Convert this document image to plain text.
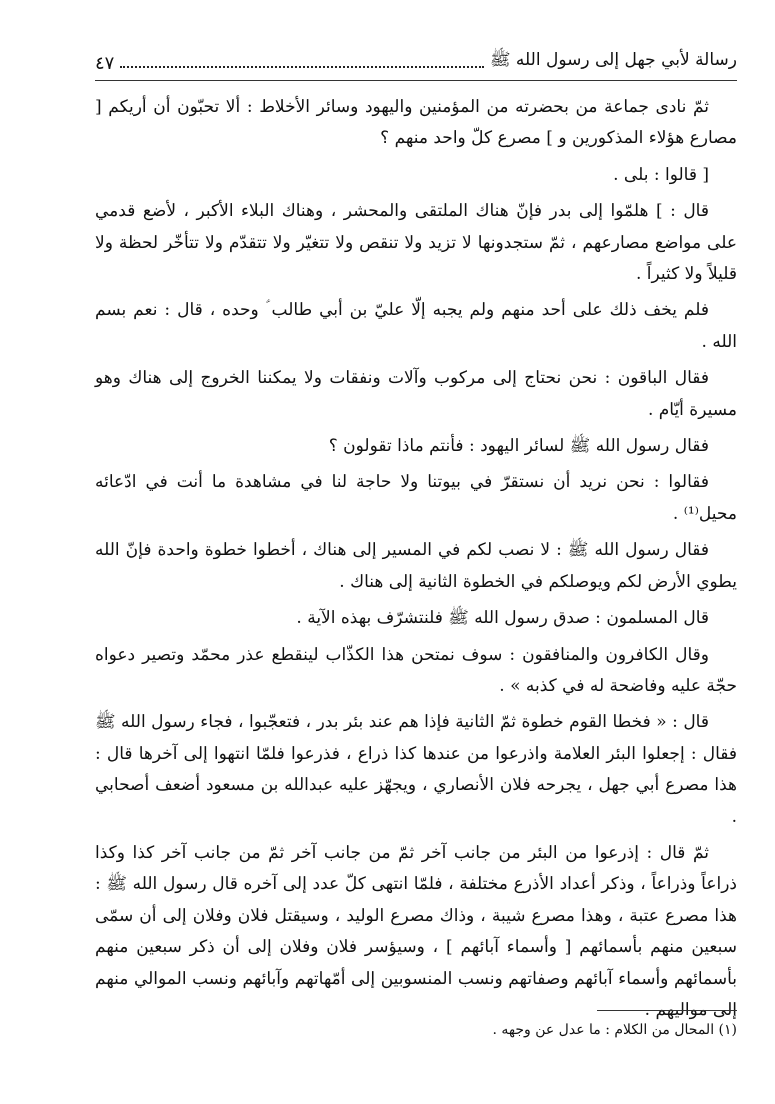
رسالة لأبي جهل إلى رسول الله ﷺ
٤٧

ثمّ نادى جماعة من بحضرته من المؤمنين واليهود وسائر الأخلاط : ألا تحبّون أن أريكم [ مصارع هؤلاء المذكورين و ] مصرع كلّ واحد منهم ؟

[ قالوا : بلى .

قال : ] هلمّوا إلى بدر فإنّ هناك الملتقى والمحشر ، وهناك البلاء الأكبر ، لأضع قدمي على مواضع مصارعهم ، ثمّ ستجدونها لا تزيد ولا تنقص ولا تتغيّر ولا تتقدّم ولا تتأخّر لحظة ولا قليلاً ولا كثيراً .

فلم يخف ذلك على أحد منهم ولم يجبه إلّا عليّ بن أبي طالب ؑ وحده ، قال : نعم بسم الله .

فقال الباقون : نحن نحتاج إلى مركوب وآلات ونفقات ولا يمكننا الخروج إلى هناك وهو مسيرة أيّام .

فقال رسول الله ﷺ لسائر اليهود : فأنتم ماذا تقولون ؟

فقالوا : نحن نريد أن نستقرّ في بيوتنا ولا حاجة لنا في مشاهدة ما أنت في ادّعائه محيل⁽¹⁾ .

فقال رسول الله ﷺ : لا نصب لكم في المسير إلى هناك ، أخطوا خطوة واحدة فإنّ الله يطوي الأرض لكم ويوصلكم في الخطوة الثانية إلى هناك .

قال المسلمون : صدق رسول الله ﷺ فلنتشرّف بهذه الآية .

وقال الكافرون والمنافقون : سوف نمتحن هذا الكذّاب لينقطع عذر محمّد وتصير دعواه حجّة عليه وفاضحة له في كذبه » .

قال : « فخطا القوم خطوة ثمّ الثانية فإذا هم عند بئر بدر ، فتعجّبوا ، فجاء رسول الله ﷺ فقال : إجعلوا البئر العلامة واذرعوا من عندها كذا ذراع ، فذرعوا فلمّا انتهوا إلى آخرها قال : هذا مصرع أبي جهل ، يجرحه فلان الأنصاري ، ويجهّز عليه عبدالله بن مسعود أضعف أصحابي .

ثمّ قال : إذرعوا من البئر من جانب آخر ثمّ من جانب آخر ثمّ من جانب آخر كذا وكذا ذراعاً وذراعاً ، وذكر أعداد الأذرع مختلفة ، فلمّا انتهى كلّ عدد إلى آخره قال رسول الله ﷺ : هذا مصرع عتبة ، وهذا مصرع شيبة ، وذاك مصرع الوليد ، وسيقتل فلان وفلان إلى أن سمّى سبعين منهم بأسمائهم [ وأسماء آبائهم ] ، وسيؤسر فلان وفلان إلى أن ذكر سبعين منهم بأسمائهم وأسماء آبائهم وصفاتهم ونسب المنسوبين إلى أمّهاتهم وآبائهم ونسب الموالي منهم إلى مواليهم .

(١) المحال من الكلام : ما عدل عن وجهه .
